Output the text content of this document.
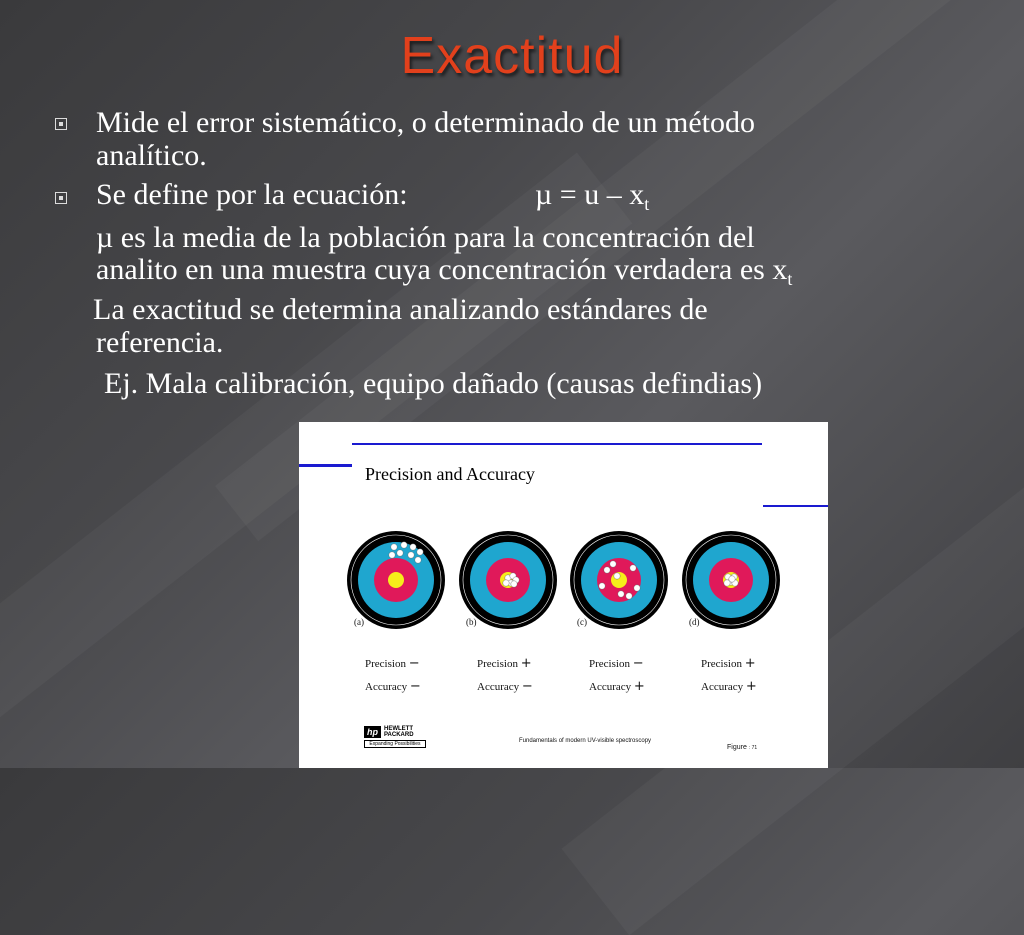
Exactitud
Mide el error sistemático, o determinado de un método
analítico.
Se define por la ecuación:	$\mu = u - x_t$
µ es la media de la población para la concentración del
analito en una muestra cuya concentración verdadera es $x_t$
La exactitud se determina analizando estándares de
referencia.
Ej. Mala calibración, equipo dañado (causas defindias)
Precision and Accuracy
(a)	(b)	(c)	(d)
Precision −	Precision +	Precision −	Precision +
Accuracy −	Accuracy −	Accuracy +	Accuracy +
hp	HEWLETT
PACKARD
Expanding Possibilities	Fundamentals of modern UV-visible spectroscopy
Figure : 71
